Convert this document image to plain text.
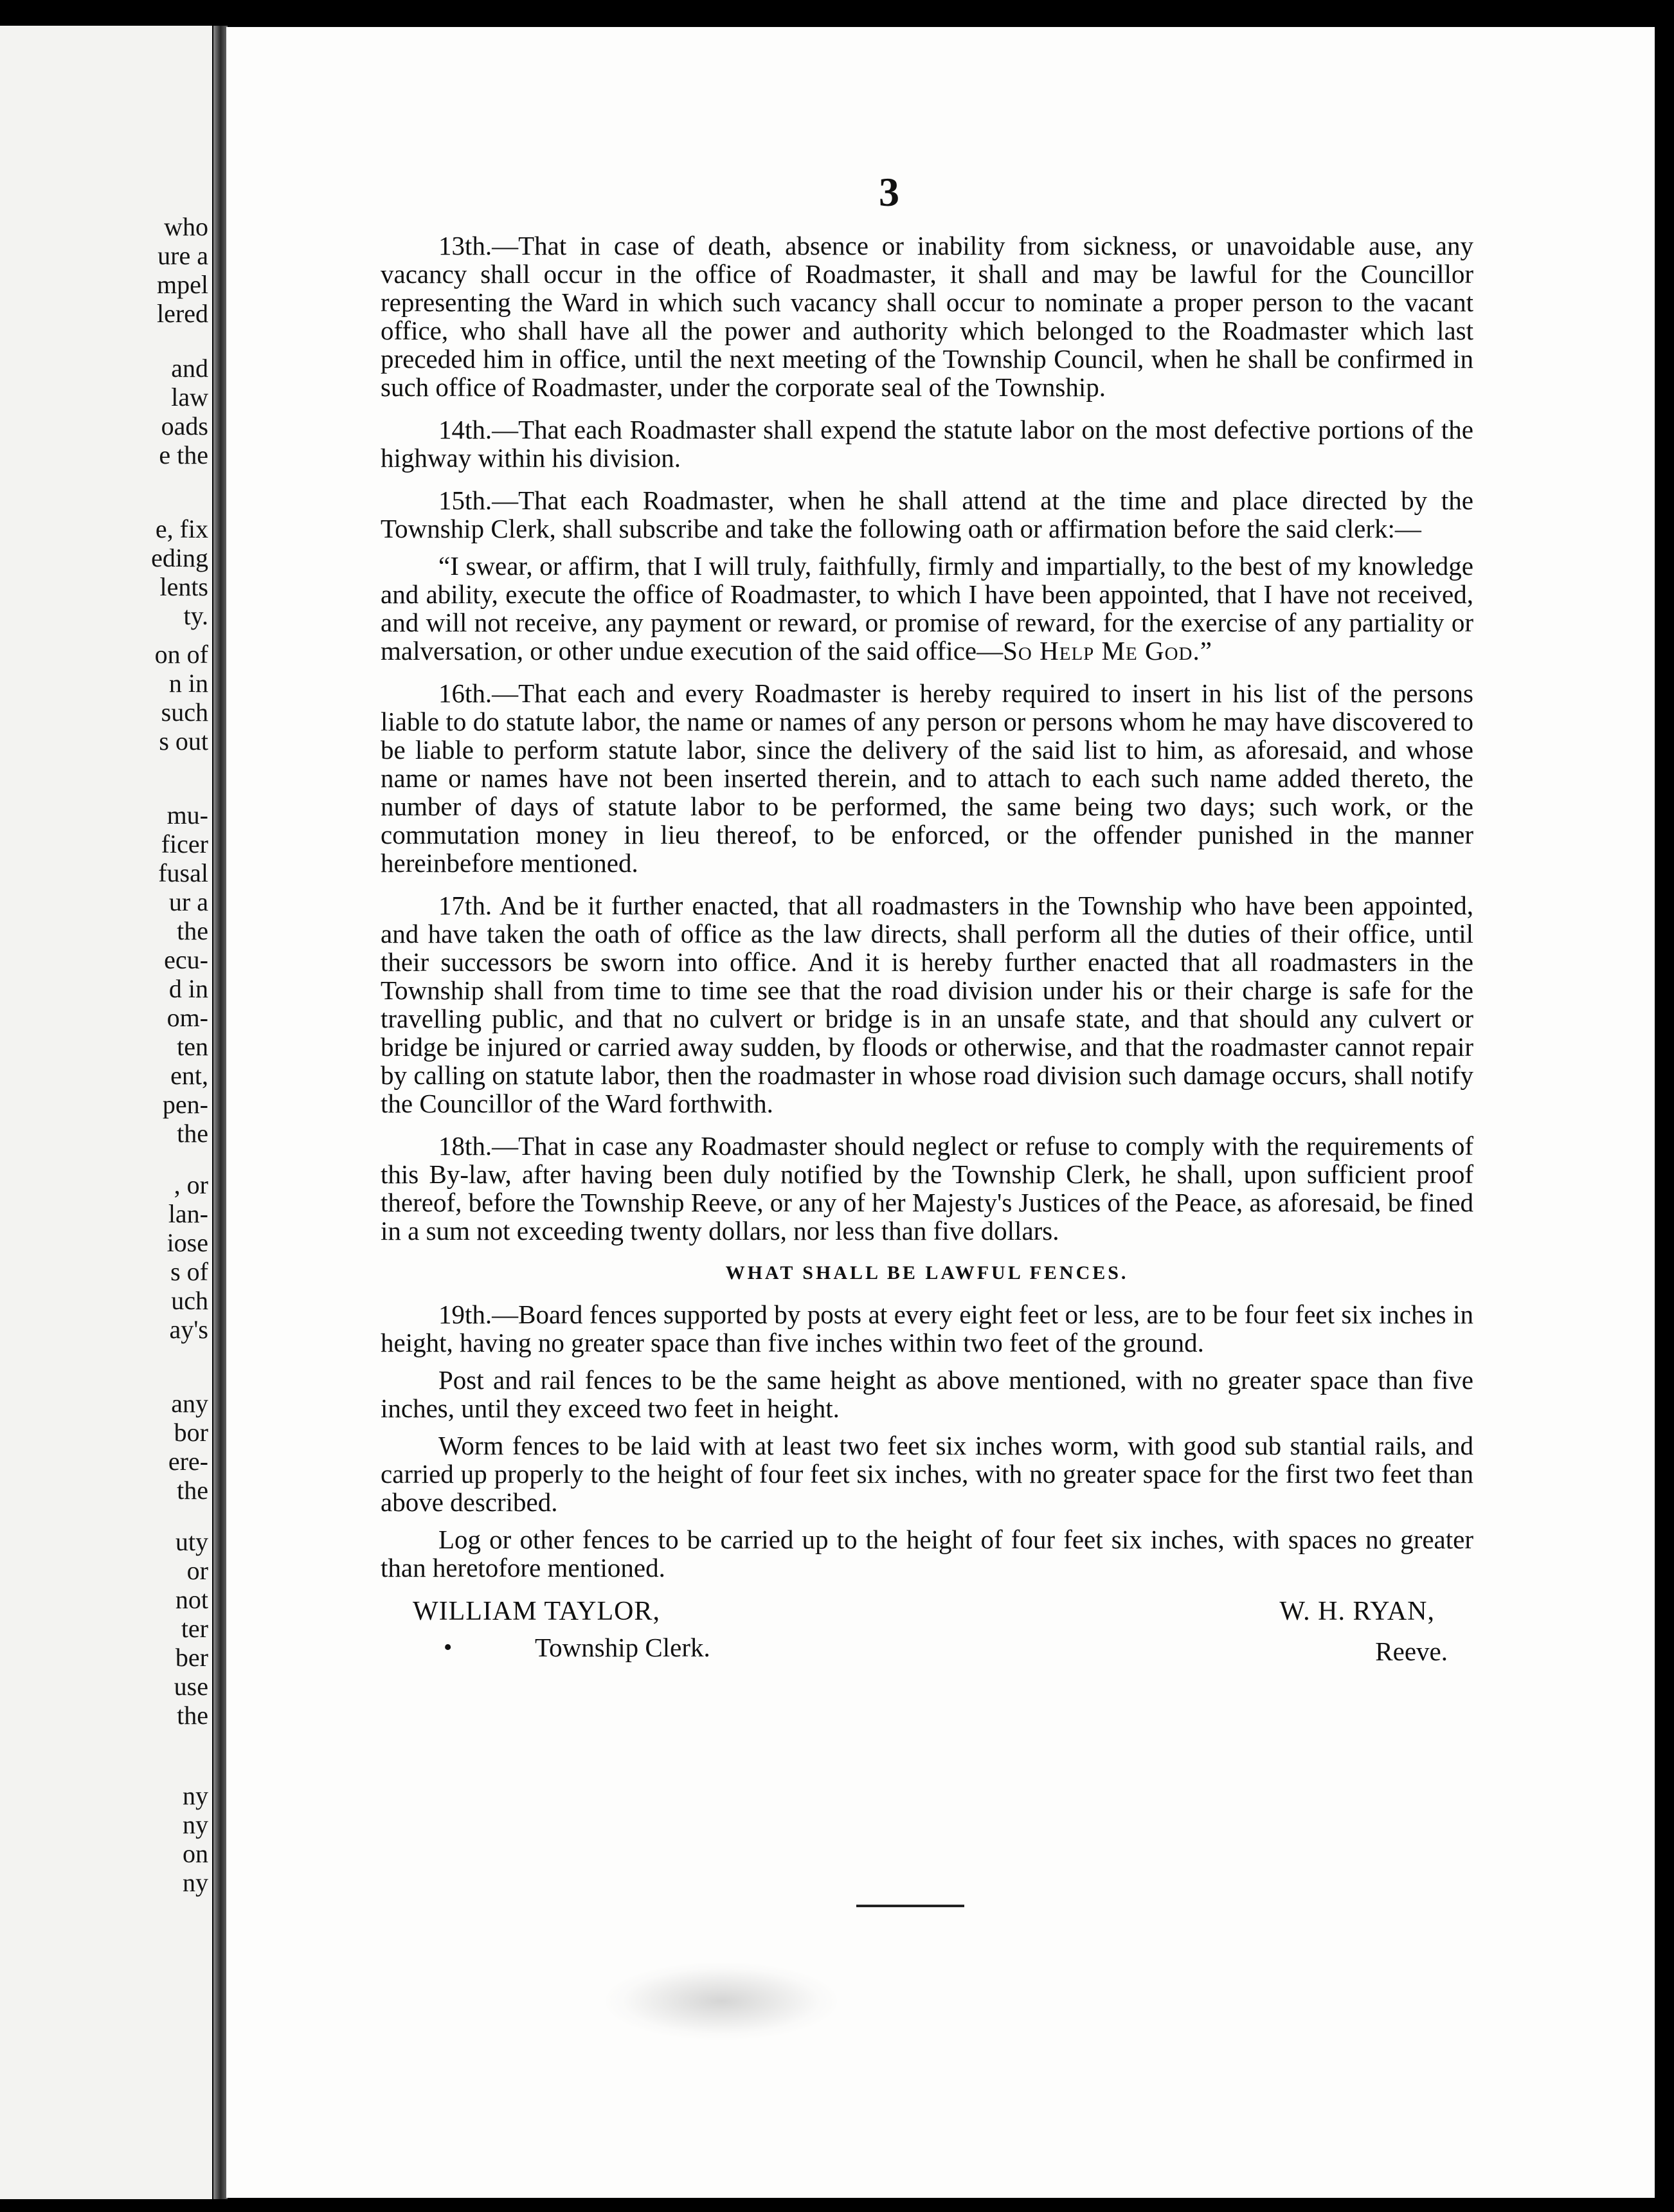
who
ure a
mpel
lered
and
law
oads
e the
e, fix
eding
lents
ty.
on of
n in
such
s out
mu-
ficer
fusal
ur a
the
ecu-
d in
om-
ten
ent,
pen-
the
, or
lan-
iose
s of
uch
ay's
any
bor
ere-
the
uty
or
not
ter
ber
use
the
ny
ny
on
ny
3

13th.—That in case of death, absence or inability from sickness, or unavoidable ause, any vacancy shall occur in the office of Roadmaster, it shall and may be lawful for the Councillor representing the Ward in which such vacancy shall occur to nominate a proper person to the vacant office, who shall have all the power and authority which belonged to the Roadmaster which last preceded him in office, until the next meeting of the Township Council, when he shall be confirmed in such office of Roadmaster, under the corporate seal of the Township.

14th.—That each Roadmaster shall expend the statute labor on the most defective portions of the highway within his division.

15th.—That each Roadmaster, when he shall attend at the time and place directed by the Township Clerk, shall subscribe and take the following oath or affirmation before the said clerk:—

“I swear, or affirm, that I will truly, faithfully, firmly and impartially, to the best of my knowledge and ability, execute the office of Roadmaster, to which I have been appointed, that I have not received, and will not receive, any payment or reward, or promise of reward, for the exercise of any partiality or malversation, or other undue execution of the said office—So Help Me God.”

16th.—That each and every Roadmaster is hereby required to insert in his list of the persons liable to do statute labor, the name or names of any person or persons whom he may have discovered to be liable to perform statute labor, since the delivery of the said list to him, as aforesaid, and whose name or names have not been inserted therein, and to attach to each such name added thereto, the number of days of statute labor to be performed, the same being two days; such work, or the commutation money in lieu thereof, to be enforced, or the offender punished in the manner hereinbefore mentioned.

17th. And be it further enacted, that all roadmasters in the Township who have been appointed, and have taken the oath of office as the law directs, shall perform all the duties of their office, until their successors be sworn into office. And it is hereby further enacted that all roadmasters in the Township shall from time to time see that the road division under his or their charge is safe for the travelling public, and that no culvert or bridge is in an unsafe state, and that should any culvert or bridge be injured or carried away sudden, by floods or otherwise, and that the roadmaster cannot repair by calling on statute labor, then the roadmaster in whose road division such damage occurs, shall notify the Councillor of the Ward forthwith.

18th.—That in case any Roadmaster should neglect or refuse to comply with the requirements of this By-law, after having been duly notified by the Township Clerk, he shall, upon sufficient proof thereof, before the Township Reeve, or any of her Majesty's Justices of the Peace, as aforesaid, be fined in a sum not exceeding twenty dollars, nor less than five dollars.

WHAT SHALL BE LAWFUL FENCES.

19th.—Board fences supported by posts at every eight feet or less, are to be four feet six inches in height, having no greater space than five inches within two feet of the ground.

Post and rail fences to be the same height as above mentioned, with no greater space than five inches, until they exceed two feet in height.

Worm fences to be laid with at least two feet six inches worm, with good sub stantial rails, and carried up properly to the height of four feet six inches, with no greater space for the first two feet than above described.

Log or other fences to be carried up to the height of four feet six inches, with spaces no greater than heretofore mentioned.

WILLIAM TAYLOR,
•	Township Clerk.
W. H. RYAN,
Reeve.
